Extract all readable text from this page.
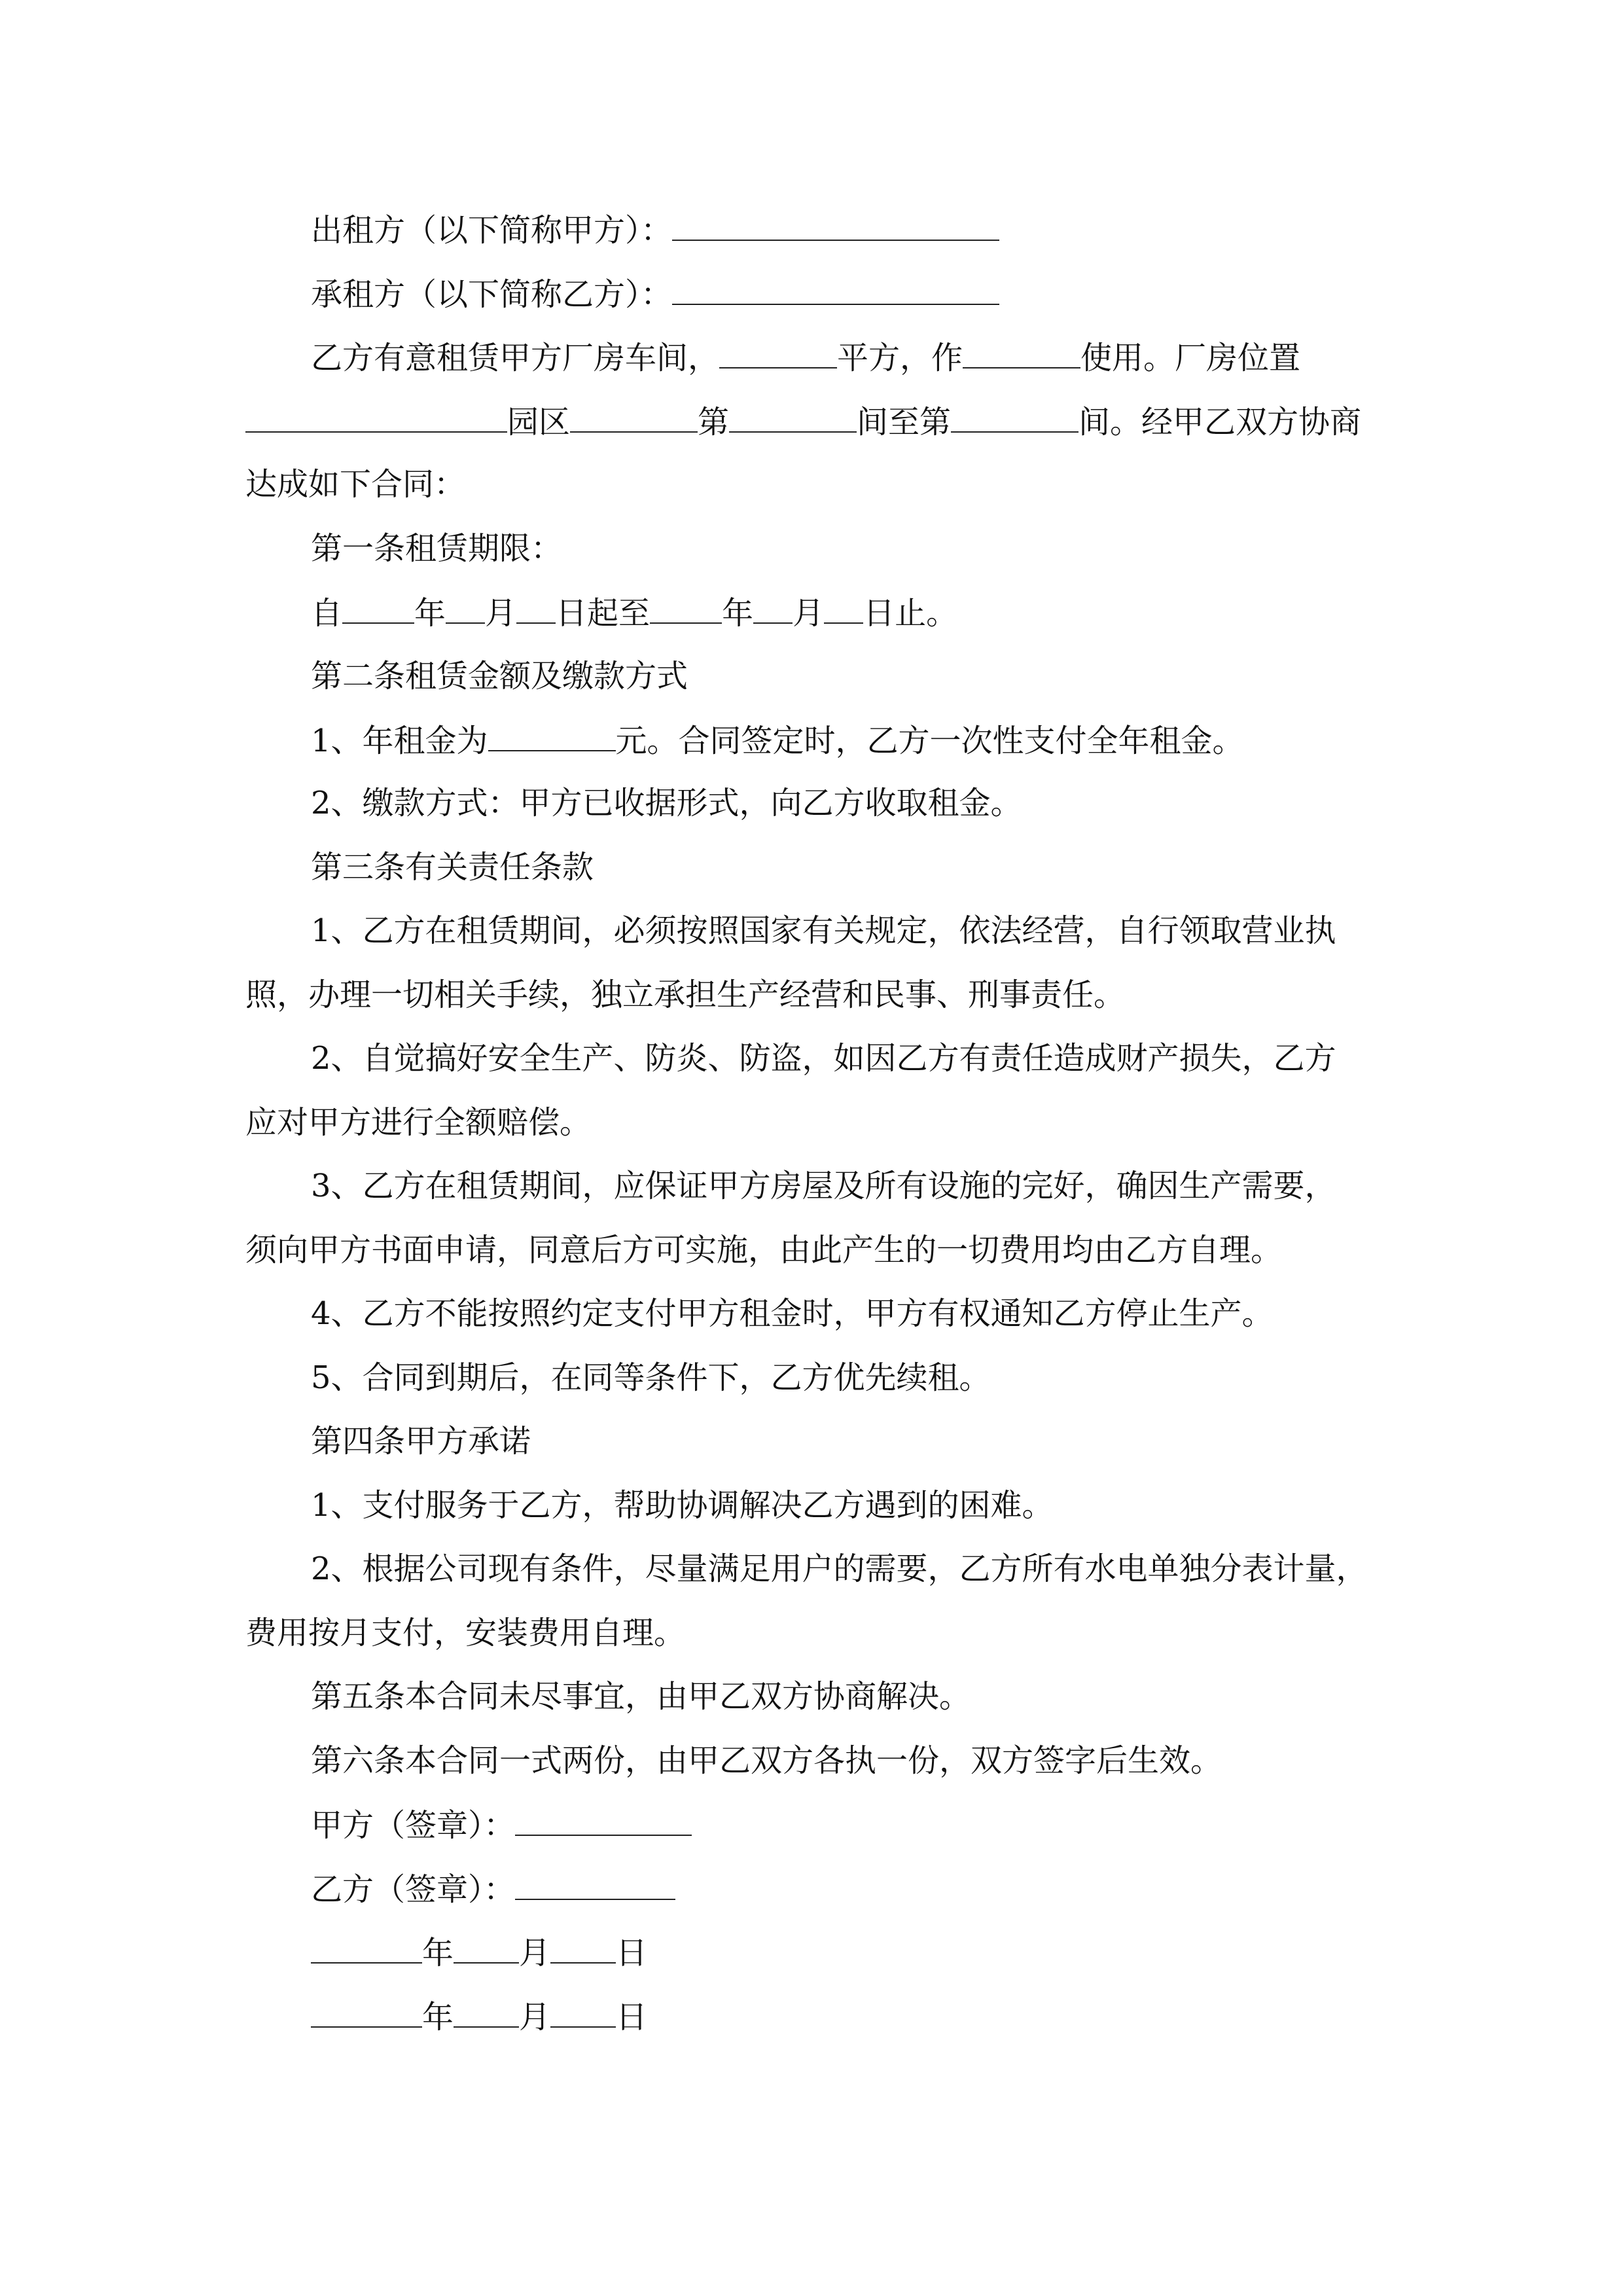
出租方（以下简称甲方）：
承租方（以下简称乙方）：
乙方有意租赁甲方厂房车间，	平方，作	使用。厂房位置
园区	第	间至第	间。经甲乙双方协商
达成如下合同：
第一条租赁期限：
自 年 月 日起至 年 月 日止。
第二条租赁金额及缴款方式
1、年租金为	元。合同签定时，乙方一次性支付全年租金。
2、缴款方式：甲方已收据形式，向乙方收取租金。
第三条有关责任条款
1、乙方在租赁期间，必须按照国家有关规定，依法经营，自行领取营业执
照，办理一切相关手续，独立承担生产经营和民事、刑事责任。
2、自觉搞好安全生产、防炎、防盗，如因乙方有责任造成财产损失，乙方
应对甲方进行全额赔偿。
3、乙方在租赁期间，应保证甲方房屋及所有设施的完好，确因生产需要，
须向甲方书面申请，同意后方可实施，由此产生的一切费用均由乙方自理。
4、乙方不能按照约定支付甲方租金时，甲方有权通知乙方停止生产。
5、合同到期后，在同等条件下，乙方优先续租。
第四条甲方承诺
1、支付服务于乙方，帮助协调解决乙方遇到的困难。
2、根据公司现有条件，尽量满足用户的需要，乙方所有水电单独分表计量，
费用按月支付，安装费用自理。
第五条本合同未尽事宜，由甲乙双方协商解决。
第六条本合同一式两份，由甲乙双方各执一份，双方签字后生效。
甲方（签章）：
乙方（签章）：
年 月 日
年 月 日
